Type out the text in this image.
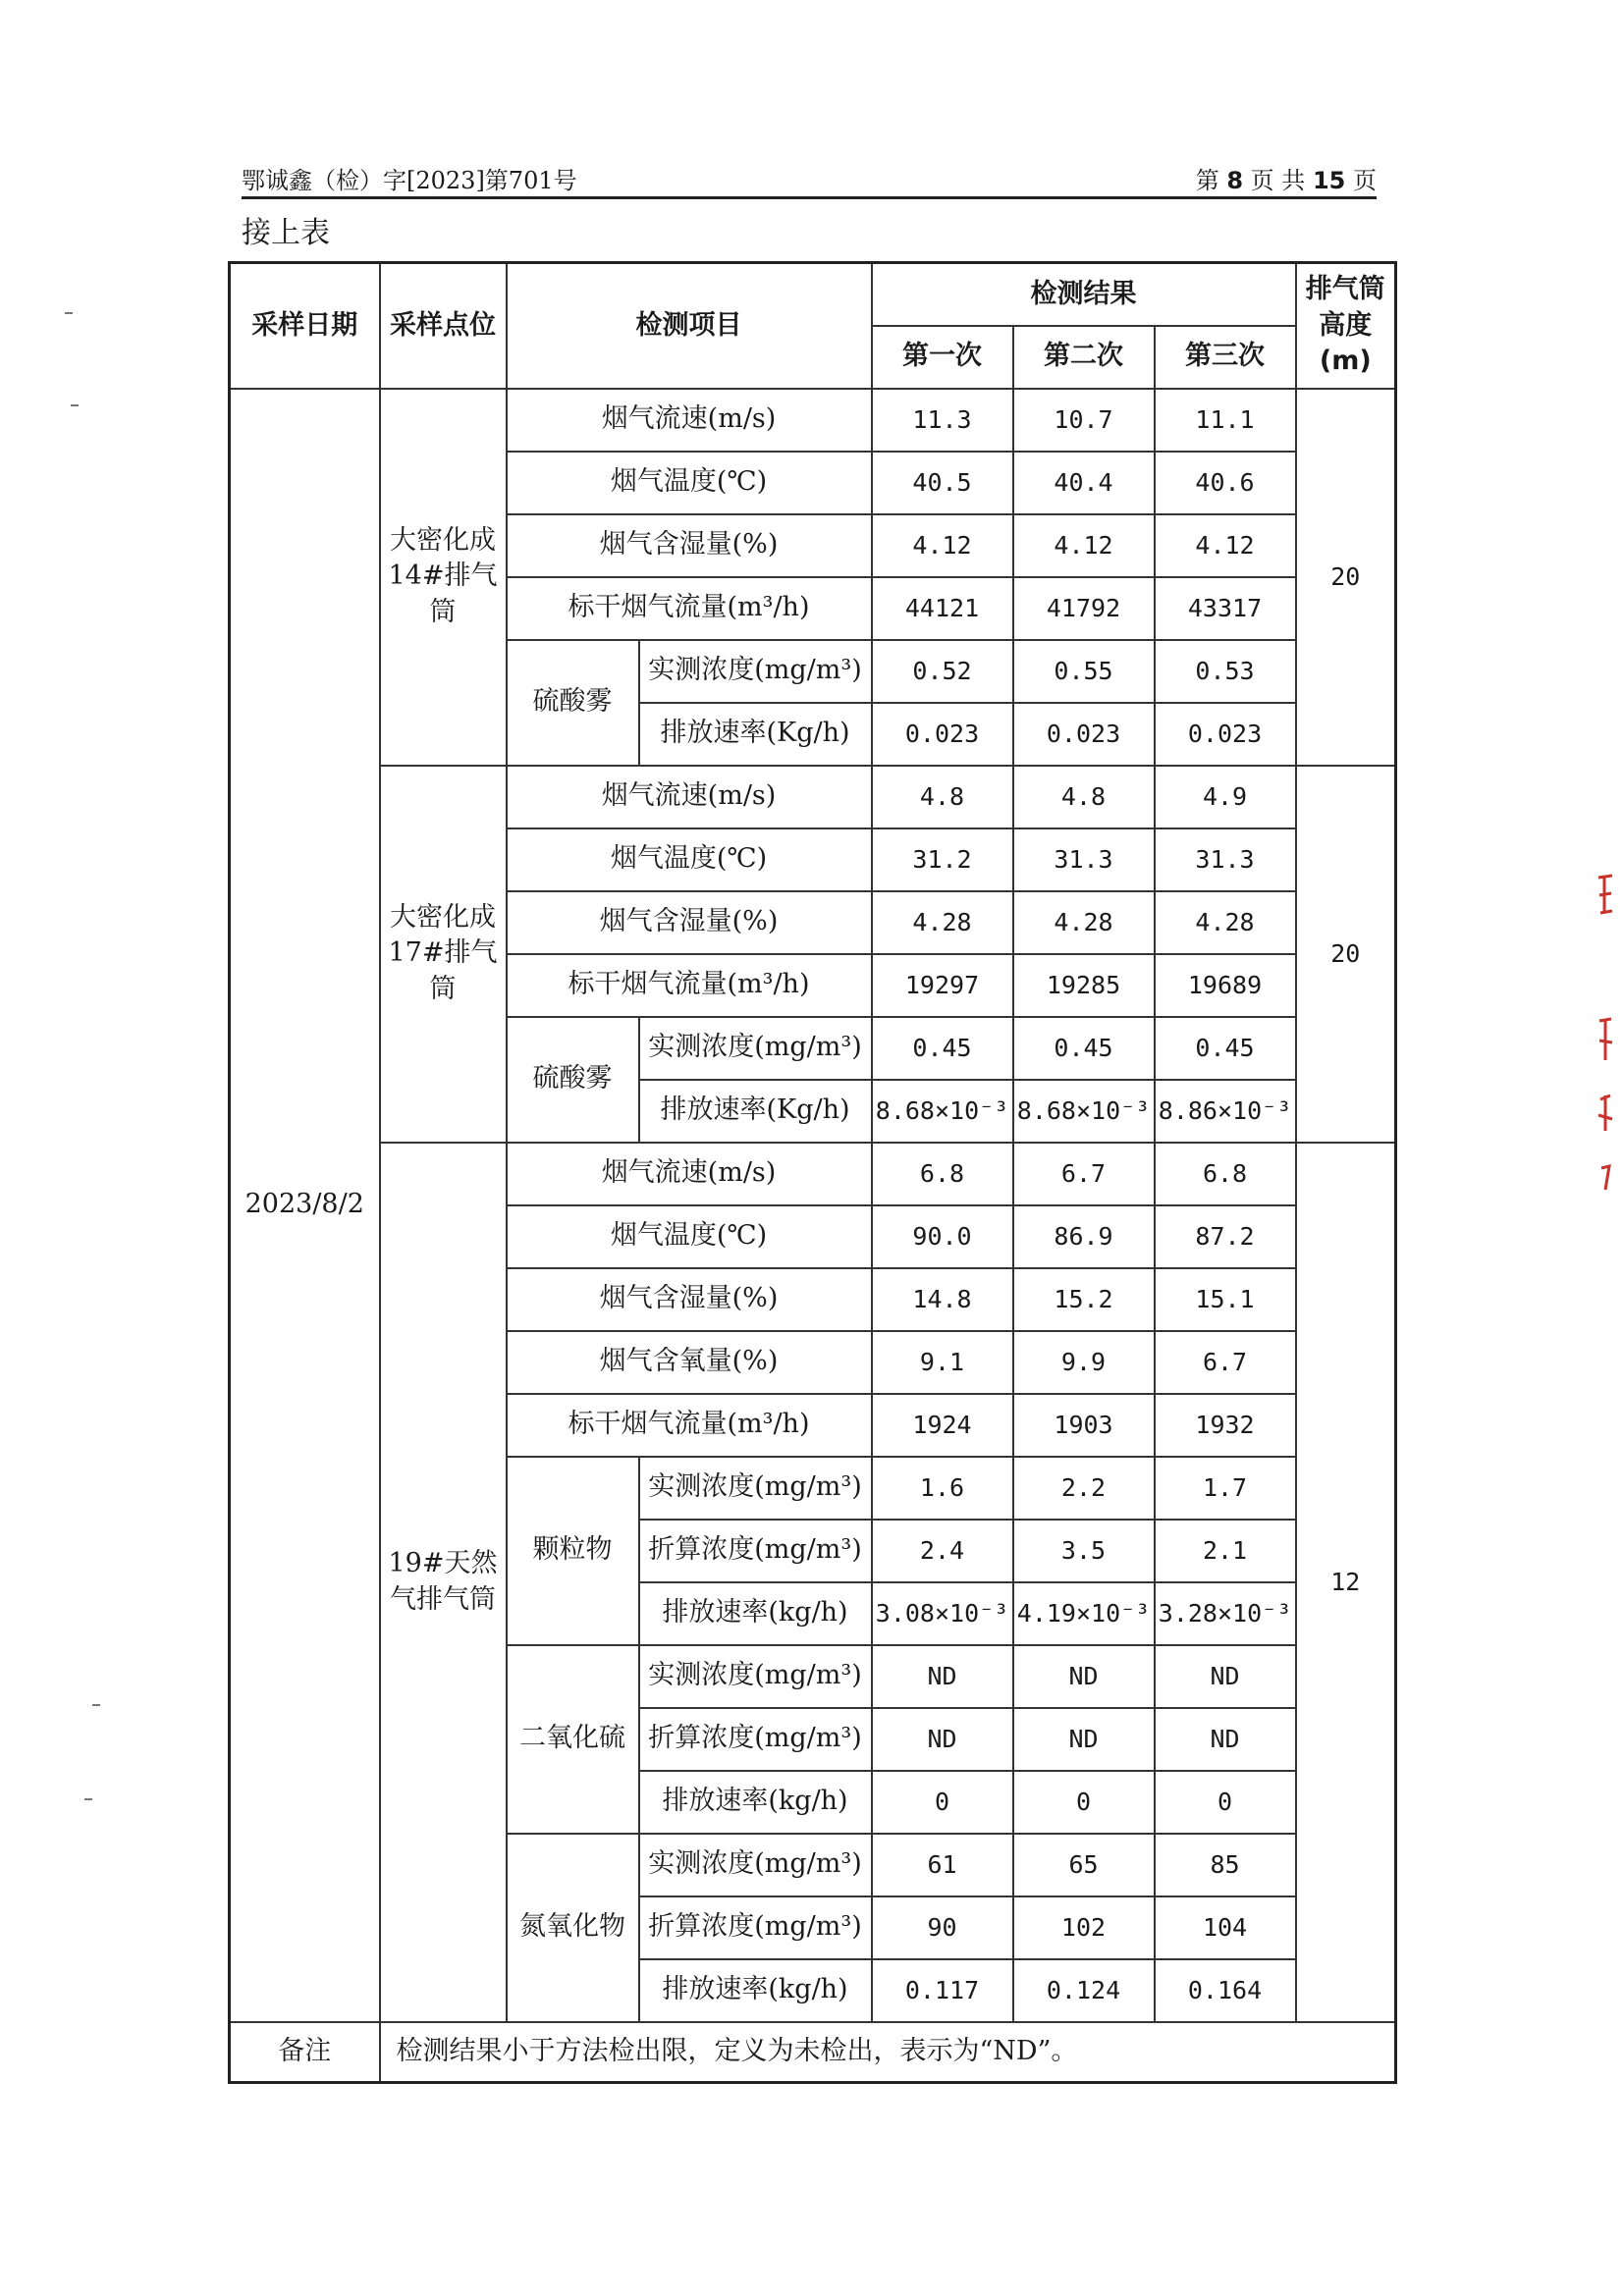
鄂诚鑫（检）字[2023]第701号	第 8 页 共 15 页
接上表
采样日期	采样点位	检测项目		检测结果			排气筒高度(m)
				第一次	第二次	第三次	
2023/8/2	大密化成14#排气筒	烟气流速(m/s)		11.3	10.7	11.1	20
		烟气温度(℃)		40.5	40.4	40.6	
		烟气含湿量(%)		4.12	4.12	4.12	
		标干烟气流量(m³/h)		44121	41792	43317	
		硫酸雾	实测浓度(mg/m³)	0.52	0.55	0.53	
			排放速率(Kg/h)	0.023	0.023	0.023	
	大密化成17#排气筒	烟气流速(m/s)		4.8	4.8	4.9	20
		烟气温度(℃)		31.2	31.3	31.3	
		烟气含湿量(%)		4.28	4.28	4.28	
		标干烟气流量(m³/h)		19297	19285	19689	
		硫酸雾	实测浓度(mg/m³)	0.45	0.45	0.45	
			排放速率(Kg/h)	8.68×10⁻³	8.68×10⁻³	8.86×10⁻³	
	19#天然气排气筒	烟气流速(m/s)		6.8	6.7	6.8	12
		烟气温度(℃)		90.0	86.9	87.2	
		烟气含湿量(%)		14.8	15.2	15.1	
		烟气含氧量(%)		9.1	9.9	6.7	
		标干烟气流量(m³/h)		1924	1903	1932	
		颗粒物	实测浓度(mg/m³)	1.6	2.2	1.7	
			折算浓度(mg/m³)	2.4	3.5	2.1	
			排放速率(kg/h)	3.08×10⁻³	4.19×10⁻³	3.28×10⁻³	
		二氧化硫	实测浓度(mg/m³)	ND	ND	ND	
			折算浓度(mg/m³)	ND	ND	ND	
			排放速率(kg/h)	0	0	0	
		氮氧化物	实测浓度(mg/m³)	61	65	85	
			折算浓度(mg/m³)	90	102	104	
			排放速率(kg/h)	0.117	0.124	0.164	
备注	检测结果小于方法检出限，定义为未检出，表示为“ND”。						
